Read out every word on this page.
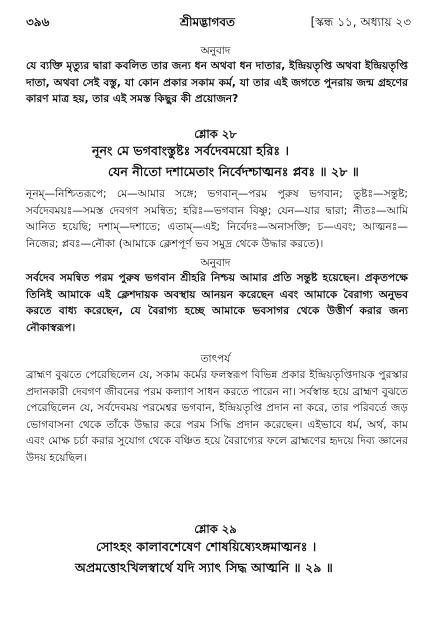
৩৯৬	শ্রীমদ্ভাগবত	[স্কন্ধ ১১, অধ্যায় ২৩
অনুবাদ
যে ব্যক্তি মৃত্যুর দ্বারা কবলিত তার জন্য ধন অথবা ধন দাতার, ইন্দ্রিয়তৃপ্তি অথবা ইন্দ্রিয়তৃপ্তি দাতা, অথবা সেই বস্তু, যা কোন প্রকার সকাম কর্ম, যা তার এই জগতে পুনরায় জন্ম গ্রহণের কারণ মাত্র হয়, তার এই সমস্ত কিছুর কী প্রয়োজন?
শ্লোক ২৮
নূনং মে ভগবাংস্তুষ্টঃ সর্বদেবময়ো হরিঃ ।
যেন নীতো দশামেতাং নির্বেদশ্চাত্মনঃ প্লবঃ ॥ ২৮ ॥
নূনম্—নিশ্চিতরূপে; মে—আমার সঙ্গে; ভগবান্—পরম পুরুষ ভগবান; তুষ্টঃ—সন্তুষ্ট; সর্বদেবময়ঃ—সমস্ত দেবগণ সমন্বিত; হরিঃ—ভগবান বিষ্ণু; যেন—যার দ্বারা; নীতঃ—আমি আনিত হয়েছি; দশাম্—দশাতে; এতাম্—এই; নির্বেদঃ—অনাসক্তি; চ—এবং; আত্মনঃ—নিজের; প্লবঃ—নৌকা (আমাকে ক্লেশপূর্ণ ভব সমুদ্র থেকে উদ্ধার করতে)।
অনুবাদ
সর্বদেব সমন্বিত পরম পুরুষ ভগবান শ্রীহরি নিশ্চয় আমার প্রতি সন্তুষ্ট হয়েছেন। প্রকৃতপক্ষে তিনিই আমাকে এই ক্লেশদায়ক অবস্থায় আনয়ন করেছেন এবং আমাকে বৈরাগ্য অনুভব করতে বাধ্য করেছেন, যে বৈরাগ্য হচ্ছে আমাকে ভবসাগর থেকে উত্তীর্ণ করার জন্য নৌকাস্বরূপ।
তাৎপর্য
ব্রাহ্মণ বুঝতে পেরেছিলেন যে, সকাম কর্মের ফলস্বরূপ বিভিন্ন প্রকার ইন্দ্রিয়তৃপ্তিদায়ক পুরস্কার প্রদানকারী দেবগণ জীবনের পরম কল্যাণ সাধন করতে পারেন না। সর্বস্বান্ত হয়ে ব্রাহ্মণ বুঝতে পেরেছিলেন যে, সর্বদেবময় পরমেশ্বর ভগবান, ইন্দ্রিয়তৃপ্তি প্রদান না করে, তার পরিবর্তে জড় ভোগবাসনা থেকে তাঁকে উদ্ধার করে পরম সিদ্ধি প্রদান করেছেন। এইভাবে ধর্ম, অর্থ, কাম এবং মোক্ষ চর্চা করার সুযোগ থেকে বঞ্চিত হয়ে বৈরাগ্যের ফলে ব্রাহ্মণের হৃদয়ে দিব্য জ্ঞানের উদয় হয়েছিল।
শ্লোক ২৯
সোঽহং কালাবশেষেণ শোষয়িষ্যেঽঙ্গমাত্মনঃ ।
অপ্রমত্তোঽখিলস্বার্থে যদি স্যাৎ সিদ্ধ আত্মনি ॥ ২৯ ॥
